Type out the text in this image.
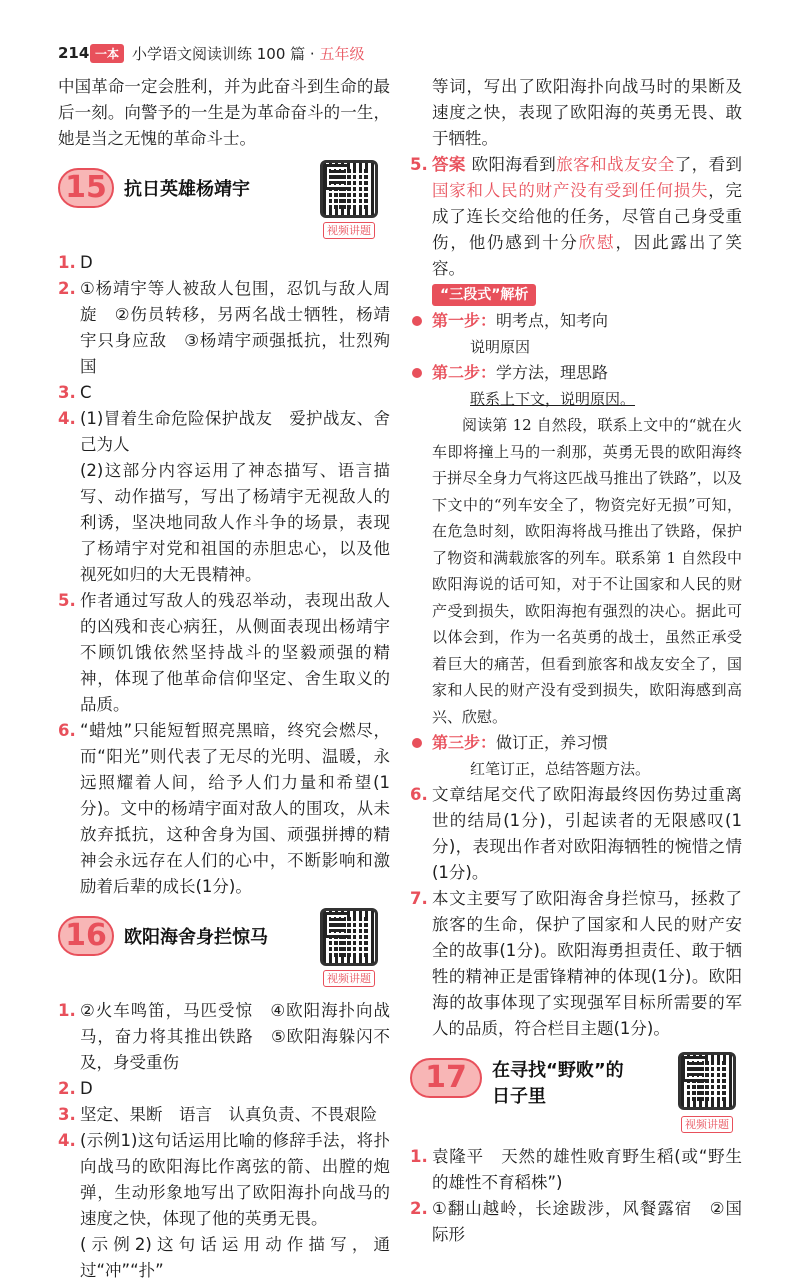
214 一本 小学语文阅读训练 100 篇 · 五年级

中国革命一定会胜利，并为此奋斗到生命的最后一刻。向警予的一生是为革命奋斗的一生，她是当之无愧的革命斗士。

15 抗日英雄杨靖宇
视频讲题

1. D

2. ①杨靖宇等人被敌人包围，忍饥与敌人周旋　②伤员转移，另两名战士牺牲，杨靖宇只身应敌　③杨靖宇顽强抵抗，壮烈殉国

3. C

4. (1)冒着生命危险保护战友　爱护战友、舍己为人
(2)这部分内容运用了神态描写、语言描写、动作描写，写出了杨靖宇无视敌人的利诱，坚决地同敌人作斗争的场景，表现了杨靖宇对党和祖国的赤胆忠心，以及他视死如归的大无畏精神。

5. 作者通过写敌人的残忍举动，表现出敌人的凶残和丧心病狂，从侧面表现出杨靖宇不顾饥饿依然坚持战斗的坚毅顽强的精神，体现了他革命信仰坚定、舍生取义的品质。

6. “蜡烛”只能短暂照亮黑暗，终究会燃尽，而“阳光”则代表了无尽的光明、温暖，永远照耀着人间，给予人们力量和希望(1分)。文中的杨靖宇面对敌人的围攻，从未放弃抵抗，这种舍身为国、顽强拼搏的精神会永远存在人们的心中，不断影响和激励着后辈的成长(1分)。

16 欧阳海舍身拦惊马
视频讲题

1. ②火车鸣笛，马匹受惊　④欧阳海扑向战马，奋力将其推出铁路　⑤欧阳海躲闪不及，身受重伤

2. D

3. 坚定、果断　语言　认真负责、不畏艰险

4. (示例1)这句话运用比喻的修辞手法，将扑向战马的欧阳海比作离弦的箭、出膛的炮弹，生动形象地写出了欧阳海扑向战马的速度之快，体现了他的英勇无畏。
(示例2)这句话运用动作描写，通过“冲”“扑”

等词，写出了欧阳海扑向战马时的果断及速度之快，表现了欧阳海的英勇无畏、敢于牺牲。

5. 答案 欧阳海看到旅客和战友安全了，看到国家和人民的财产没有受到任何损失，完成了连长交给他的任务，尽管自己身受重伤，他仍感到十分欣慰，因此露出了笑容。

“三段式”解析
第一步：明考点，知考向
说明原因
第二步：学方法，理思路
联系上下文，说明原因。

阅读第 12 自然段，联系上文中的“就在火车即将撞上马的一刹那，英勇无畏的欧阳海终于拼尽全身力气将这匹战马推出了铁路”，以及下文中的“列车安全了，物资完好无损”可知，在危急时刻，欧阳海将战马推出了铁路，保护了物资和满载旅客的列车。联系第 1 自然段中欧阳海说的话可知，对于不让国家和人民的财产受到损失，欧阳海抱有强烈的决心。据此可以体会到，作为一名英勇的战士，虽然正承受着巨大的痛苦，但看到旅客和战友安全了，国家和人民的财产没有受到损失，欧阳海感到高兴、欣慰。

第三步：做订正，养习惯
红笔订正，总结答题方法。

6. 文章结尾交代了欧阳海最终因伤势过重离世的结局(1分)，引起读者的无限感叹(1分)，表现出作者对欧阳海牺牲的惋惜之情(1分)。

7. 本文主要写了欧阳海舍身拦惊马，拯救了旅客的生命，保护了国家和人民的财产安全的故事(1分)。欧阳海勇担责任、敢于牺牲的精神正是雷锋精神的体现(1分)。欧阳海的故事体现了实现强军目标所需要的军人的品质，符合栏目主题(1分)。

17	在寻找“野败”的
日子里
视频讲题

1. 袁隆平　天然的雄性败育野生稻(或“野生的雄性不育稻株”)

2. ①翻山越岭，长途跋涉，风餐露宿　②国际形
